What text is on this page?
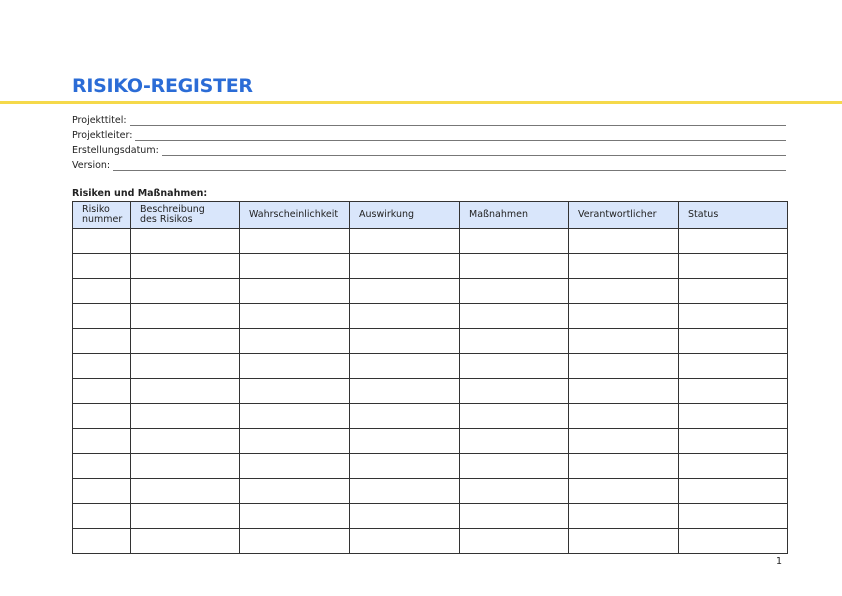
RISIKO-REGISTER
Projekttitel:
Projektleiter:
Erstellungsdatum:
Version:
Risiken und Maßnahmen:
Risiko nummer	Beschreibung des Risikos	Wahrscheinlichkeit	Auswirkung	Maßnahmen	Verantwortlicher	Status

1
